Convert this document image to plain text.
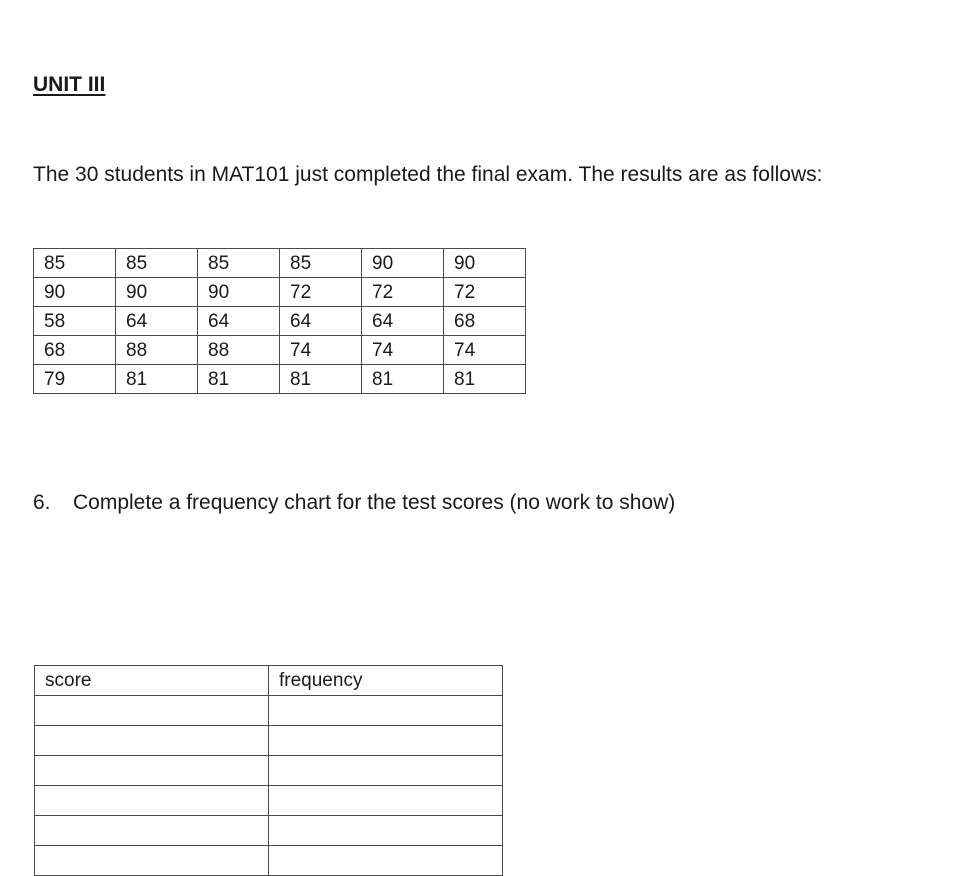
UNIT III

The 30 students in MAT101 just completed the final exam. The results are as follows:

85	85	85	85	90	90
90	90	90	72	72	72
58	64	64	64	64	68
68	88	88	74	74	74
79	81	81	81	81	81

6. Complete a frequency chart for the test scores (no work to show)

score	frequency
